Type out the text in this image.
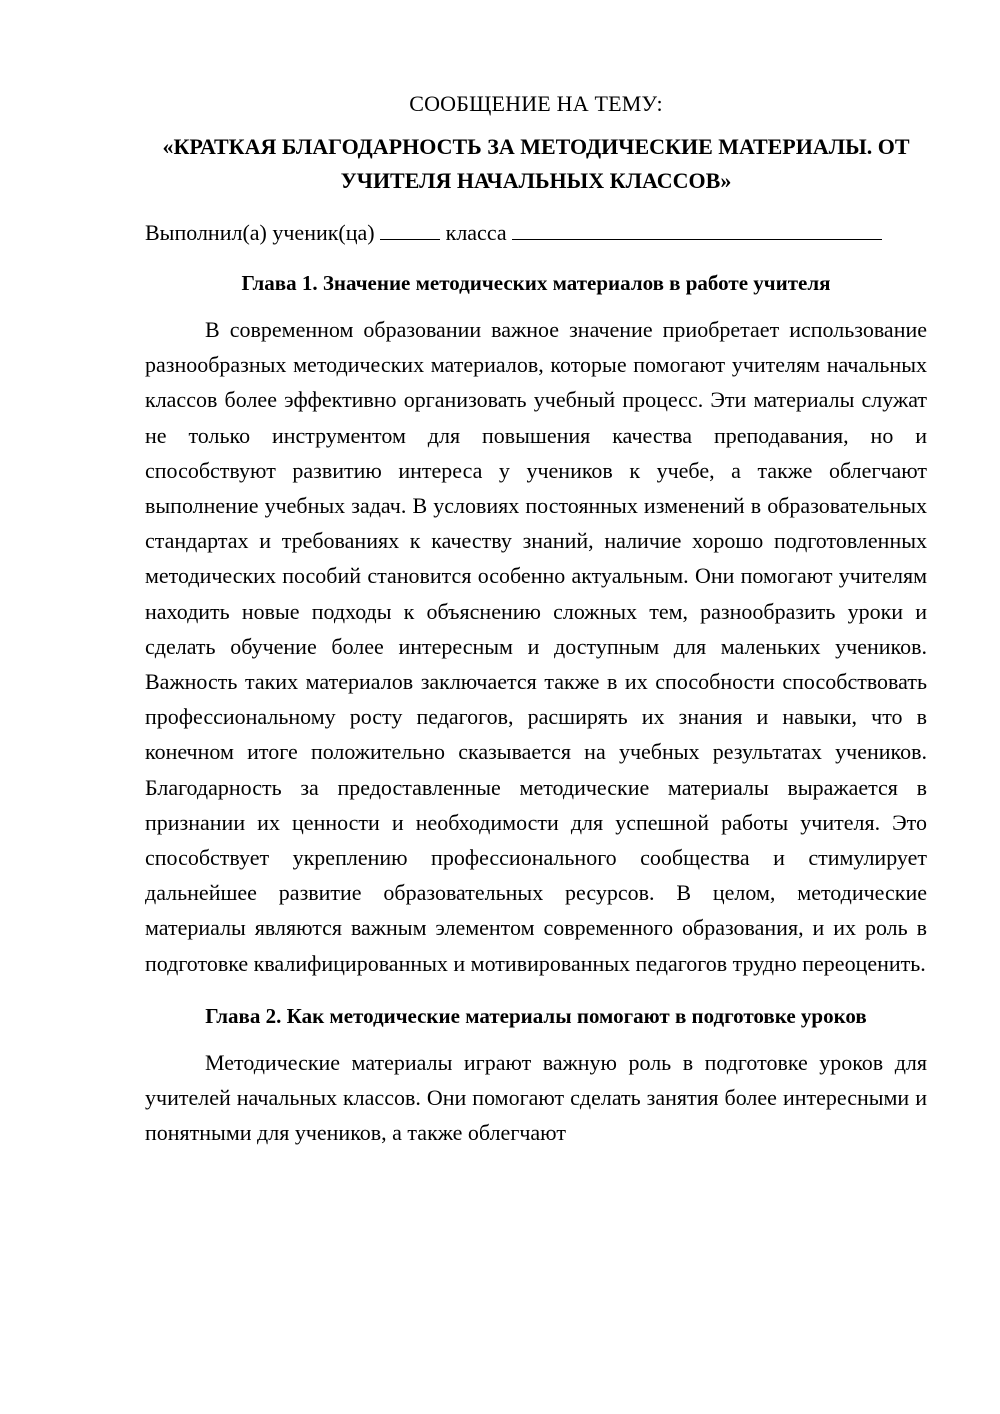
СООБЩЕНИЕ НА ТЕМУ:
«КРАТКАЯ БЛАГОДАРНОСТЬ ЗА МЕТОДИЧЕСКИЕ МАТЕРИАЛЫ. ОТ УЧИТЕЛЯ НАЧАЛЬНЫХ КЛАССОВ»
Выполнил(а) ученик(ца)	класса
Глава 1. Значение методических материалов в работе учителя

В современном образовании важное значение приобретает использование разнообразных методических материалов, которые помогают учителям начальных классов более эффективно организовать учебный процесс. Эти материалы служат не только инструментом для повышения качества преподавания, но и способствуют развитию интереса у учеников к учебе, а также облегчают выполнение учебных задач. В условиях постоянных изменений в образовательных стандартах и требованиях к качеству знаний, наличие хорошо подготовленных методических пособий становится особенно актуальным. Они помогают учителям находить новые подходы к объяснению сложных тем, разнообразить уроки и сделать обучение более интересным и доступным для маленьких учеников. Важность таких материалов заключается также в их способности способствовать профессиональному росту педагогов, расширять их знания и навыки, что в конечном итоге положительно сказывается на учебных результатах учеников. Благодарность за предоставленные методические материалы выражается в признании их ценности и необходимости для успешной работы учителя. Это способствует укреплению профессионального сообщества и стимулирует дальнейшее развитие образовательных ресурсов. В целом, методические материалы являются важным элементом современного образования, и их роль в подготовке квалифицированных и мотивированных педагогов трудно переоценить.

Глава 2. Как методические материалы помогают в подготовке уроков

Методические материалы играют важную роль в подготовке уроков для учителей начальных классов. Они помогают сделать занятия более интересными и понятными для учеников, а также облегчают
